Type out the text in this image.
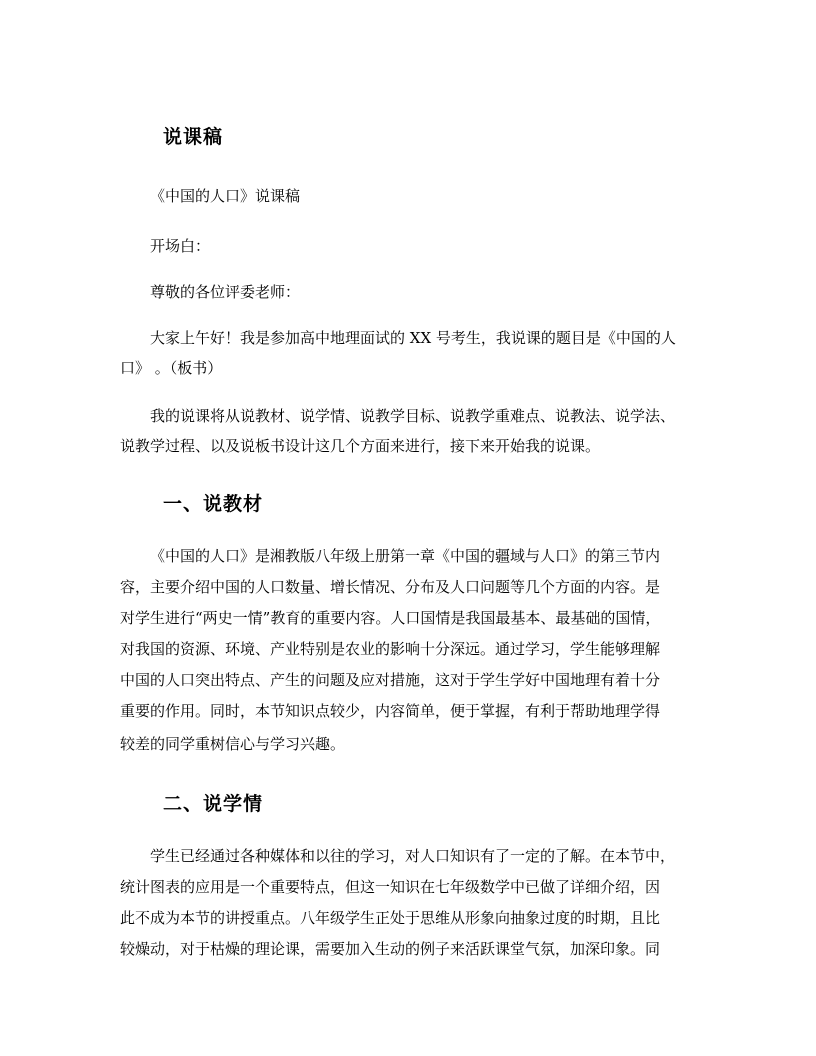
说课稿
《中国的人口》说课稿
开场白：
尊敬的各位评委老师：
大家上午好！我是参加高中地理面试的 XX 号考生，我说课的题目是《中国的人
口》 。（板书）
我的说课将从说教材、说学情、说教学目标、说教学重难点、说教法、说学法、
说教学过程、以及说板书设计这几个方面来进行，接下来开始我的说课。
一、说教材
《中国的人口》是湘教版八年级上册第一章《中国的疆域与人口》的第三节内
容，主要介绍中国的人口数量、增长情况、分布及人口问题等几个方面的内容。是
对学生进行“两史一情”教育的重要内容。人口国情是我国最基本、最基础的国情，
对我国的资源、环境、产业特别是农业的影响十分深远。通过学习，学生能够理解
中国的人口突出特点、产生的问题及应对措施，这对于学生学好中国地理有着十分
重要的作用。同时，本节知识点较少，内容简单，便于掌握，有利于帮助地理学得
较差的同学重树信心与学习兴趣。
二、说学情
学生已经通过各种媒体和以往的学习，对人口知识有了一定的了解。在本节中，
统计图表的应用是一个重要特点，但这一知识在七年级数学中已做了详细介绍，因
此不成为本节的讲授重点。八年级学生正处于思维从形象向抽象过度的时期，且比
较燥动，对于枯燥的理论课，需要加入生动的例子来活跃课堂气氛，加深印象。同
